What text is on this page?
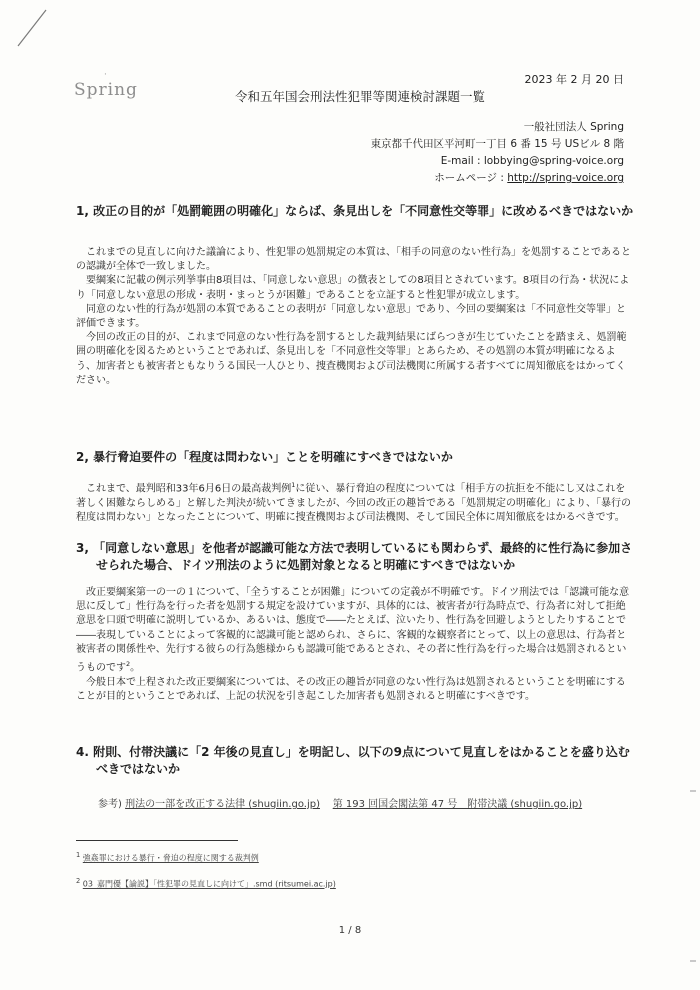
·
Spring
2023 年 2 月 20 日
令和五年国会刑法性犯罪等関連検討課題一覧
一般社団法人 Spring
東京都千代田区平河町一丁目 6 番 15 号 USビル 8 階
E-mail : lobbying@spring-voice.org
ホームページ : http://spring-voice.org
1, 改正の目的が「処罰範囲の明確化」ならば、条見出しを「不同意性交等罪」に改めるべきではないか

これまでの見直しに向けた議論により、性犯罪の処罰規定の本質は、「相手の同意のない性行為」を処罰することであるとの認識が全体で一致しました。

要綱案に記載の例示列挙事由8項目は、「同意しない意思」の徴表としての8項目とされています。8項目の行為・状況により「同意しない意思の形成・表明・まっとうが困難」であることを立証すると性犯罪が成立します。

同意のない性的行為が処罰の本質であることの表明が「同意しない意思」であり、今回の要綱案は「不同意性交等罪」と評価できます。

今回の改正の目的が、これまで同意のない性行為を罰するとした裁判結果にばらつきが生じていたことを踏まえ、処罰範囲の明確化を図るためということであれば、条見出しを「不同意性交等罪」とあらため、その処罰の本質が明確になるよう、加害者とも被害者ともなりうる国民一人ひとり、捜査機関および司法機関に所属する者すべてに周知徹底をはかってください。

2, 暴行脅迫要件の「程度は問わない」ことを明確にすべきではないか

これまで、最判昭和33年6月6日の最高裁判例$^1$に従い、暴行脅迫の程度については「相手方の抗拒を不能にし又はこれを著しく困難ならしめる」と解した判決が続いてきましたが、今回の改正の趣旨である「処罰規定の明確化」により、「暴行の程度は問わない」となったことについて、明確に捜査機関および司法機関、そして国民全体に周知徹底をはかるべきです。

3, 「同意しない意思」を他者が認識可能な方法で表明しているにも関わらず、最終的に性行為に参加させられた場合、ドイツ刑法のように処罰対象となると明確にすべきではないか

改正要綱案第一の一の１について、「全うすることが困難」についての定義が不明確です。ドイツ刑法では「認識可能な意思に反して」性行為を行った者を処罰する規定を設けていますが、具体的には、被害者が行為時点で、行為者に対して拒絶意思を口頭で明確に説明しているか、あるいは、態度で――たとえば、泣いたり、性行為を回避しようとしたりすることで――表現していることによって客観的に認識可能と認められ、さらに、客観的な観察者にとって、以上の意思は、行為者と被害者の関係性や、先行する彼らの行為態様からも認識可能であるとされ、その者に性行為を行った場合は処罰されるというものです$^2$。

今般日本で上程された改正要綱案については、その改正の趣旨が同意のない性行為は処罰されるということを明確にすることが目的ということであれば、上記の状況を引き起こした加害者も処罰されると明確にすべきです。

4. 附則、付帯決議に「2 年後の見直し」を明記し、以下の9点について見直しをはかることを盛り込むべきではないか
参考) 刑法の一部を改正する法律 (shugiin.go.jp) 第 193 回国会閣法第 47 号　附帯決議 (shugiin.go.jp)
$^1$ 強姦罪における暴行・脅迫の程度に関する裁判例
$^2$ 03_嘉門優【論説】「性犯罪の見直しに向けて」.smd (ritsumei.ac.jp)
1 / 8
